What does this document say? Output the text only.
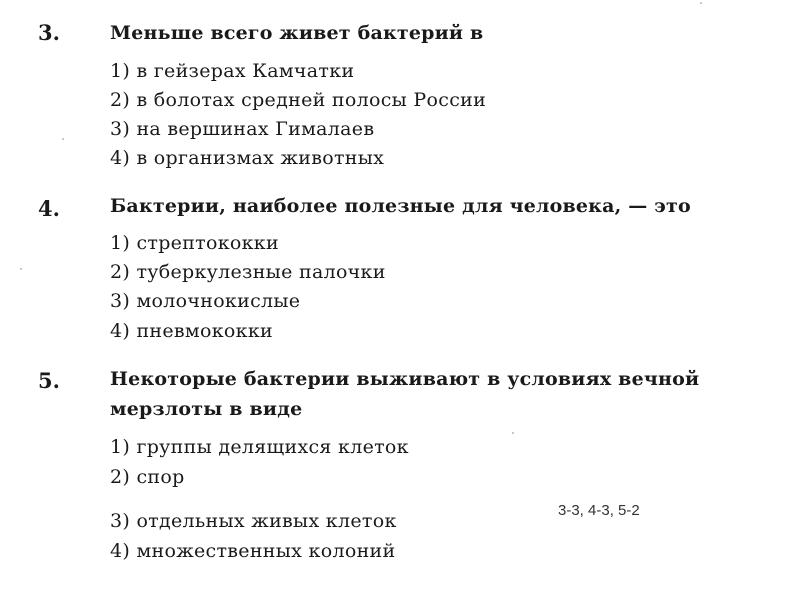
3.	Меньше всего живет бактерий в
1) в гейзерах Камчатки
2) в болотах средней полосы России
3) на вершинах Гималаев
4) в организмах животных
4.	Бактерии, наиболее полезные для человека, — это
1) стрептококки
2) туберкулезные палочки
3) молочнокислые
4) пневмококки
5.	Некоторые бактерии выживают в условиях вечной мерзлоты в виде
1) группы делящихся клеток
2) спор
3) отдельных живых клеток
4) множественных колоний
3-3, 4-3, 5-2
